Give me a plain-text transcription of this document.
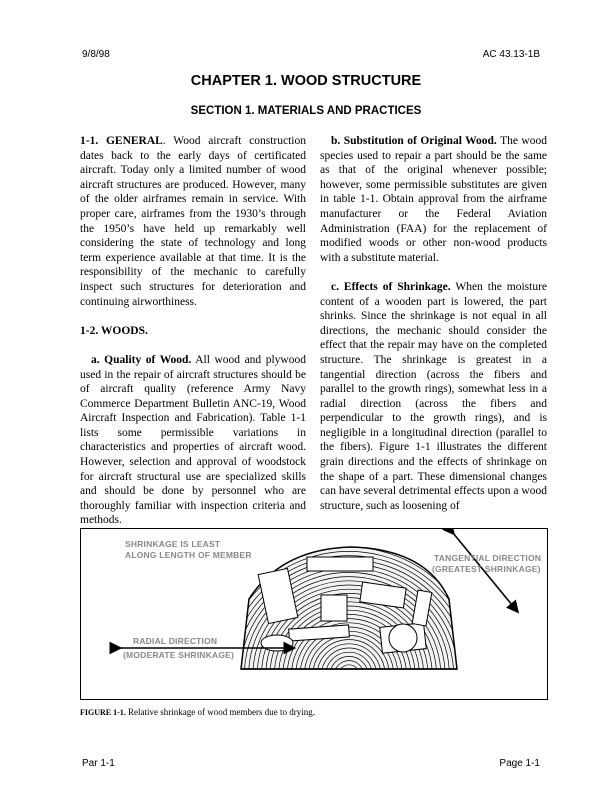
9/8/98	AC 43.13-1B
CHAPTER 1. WOOD STRUCTURE
SECTION 1. MATERIALS AND PRACTICES

1-1. GENERAL. Wood aircraft construction dates back to the early days of certificated aircraft. Today only a limited number of wood aircraft structures are produced. However, many of the older airframes remain in service. With proper care, airframes from the 1930’s through the 1950’s have held up remarkably well considering the state of technology and long term experience available at that time. It is the responsibility of the mechanic to carefully inspect such structures for deterioration and continuing airworthiness.

1-2. WOODS.

a. Quality of Wood. All wood and plywood used in the repair of aircraft structures should be of aircraft quality (reference Army Navy Commerce Department Bulletin ANC-19, Wood Aircraft Inspection and Fabrication). Table 1-1 lists some permissible variations in characteristics and properties of aircraft wood. However, selection and approval of woodstock for aircraft structural use are specialized skills and should be done by personnel who are thoroughly familiar with inspection criteria and methods.

b. Substitution of Original Wood. The wood species used to repair a part should be the same as that of the original whenever possible; however, some permissible substitutes are given in table 1-1. Obtain approval from the airframe manufacturer or the Federal Aviation Administration (FAA) for the replacement of modified woods or other non-wood products with a substitute material.

c. Effects of Shrinkage. When the moisture content of a wooden part is lowered, the part shrinks. Since the shrinkage is not equal in all directions, the mechanic should consider the effect that the repair may have on the completed structure. The shrinkage is greatest in a tangential direction (across the fibers and parallel to the growth rings), somewhat less in a radial direction (across the fibers and perpendicular to the growth rings), and is negligible in a longitudinal direction (parallel to the fibers). Figure 1-1 illustrates the different grain directions and the effects of shrinkage on the shape of a part. These dimensional changes can have several detrimental effects upon a wood structure, such as loosening of

SHRINKAGE IS LEAST
ALONG LENGTH OF MEMBER	TANGENTIAL DIRECTION
(GREATEST SHRINKAGE)
RADIAL DIRECTION
(MODERATE SHRINKAGE)
FIGURE 1-1. Relative shrinkage of wood members due to drying.
Par 1-1	Page 1-1
